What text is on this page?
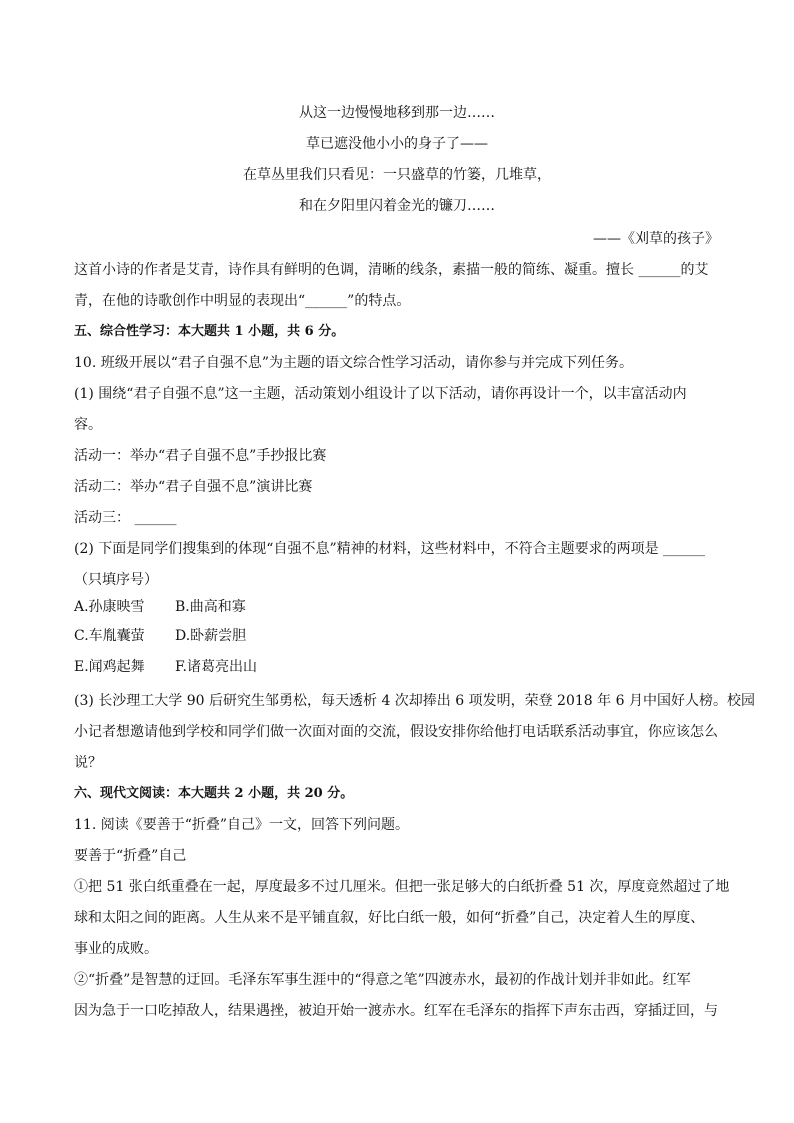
从这一边慢慢地移到那一边……
草已遮没他小小的身子了——
在草丛里我们只看见：一只盛草的竹篓，几堆草，
和在夕阳里闪着金光的镰刀……
——《刈草的孩子》
这首小诗的作者是艾青，诗作具有鲜明的色调，清晰的线条，素描一般的简练、凝重。擅长 ______的艾
青，在他的诗歌创作中明显的表现出“______”的特点。
五、综合性学习：本大题共 1 小题，共 6 分。
10. 班级开展以“君子自强不息”为主题的语文综合性学习活动，请你参与并完成下列任务。
(1) 围绕“君子自强不息”这一主题，活动策划小组设计了以下活动，请你再设计一个，以丰富活动内
容。
活动一：举办“君子自强不息”手抄报比赛
活动二：举办“君子自强不息”演讲比赛
活动三： ______
(2) 下面是同学们搜集到的体现“自强不息”精神的材料，这些材料中，不符合主题要求的两项是 ______
（只填序号）
A.孙康映雪 B.曲高和寡
C.车胤囊萤 D.卧薪尝胆
E.闻鸡起舞 F.诸葛亮出山
(3) 长沙理工大学 90 后研究生邹勇松，每天透析 4 次却捧出 6 项发明，荣登 2018 年 6 月中国好人榜。校园
小记者想邀请他到学校和同学们做一次面对面的交流，假设安排你给他打电话联系活动事宜，你应该怎么
说？
六、现代文阅读：本大题共 2 小题，共 20 分。
11. 阅读《要善于“折叠”自己》一文，回答下列问题。
要善于“折叠”自己
①把 51 张白纸重叠在一起，厚度最多不过几厘米。但把一张足够大的白纸折叠 51 次，厚度竟然超过了地
球和太阳之间的距离。人生从来不是平铺直叙，好比白纸一般，如何“折叠”自己，决定着人生的厚度、
事业的成败。
②“折叠”是智慧的迂回。毛泽东军事生涯中的“得意之笔”四渡赤水，最初的作战计划并非如此。红军
因为急于一口吃掉敌人，结果遇挫，被迫开始一渡赤水。红军在毛泽东的指挥下声东击西，穿插迂回，与
